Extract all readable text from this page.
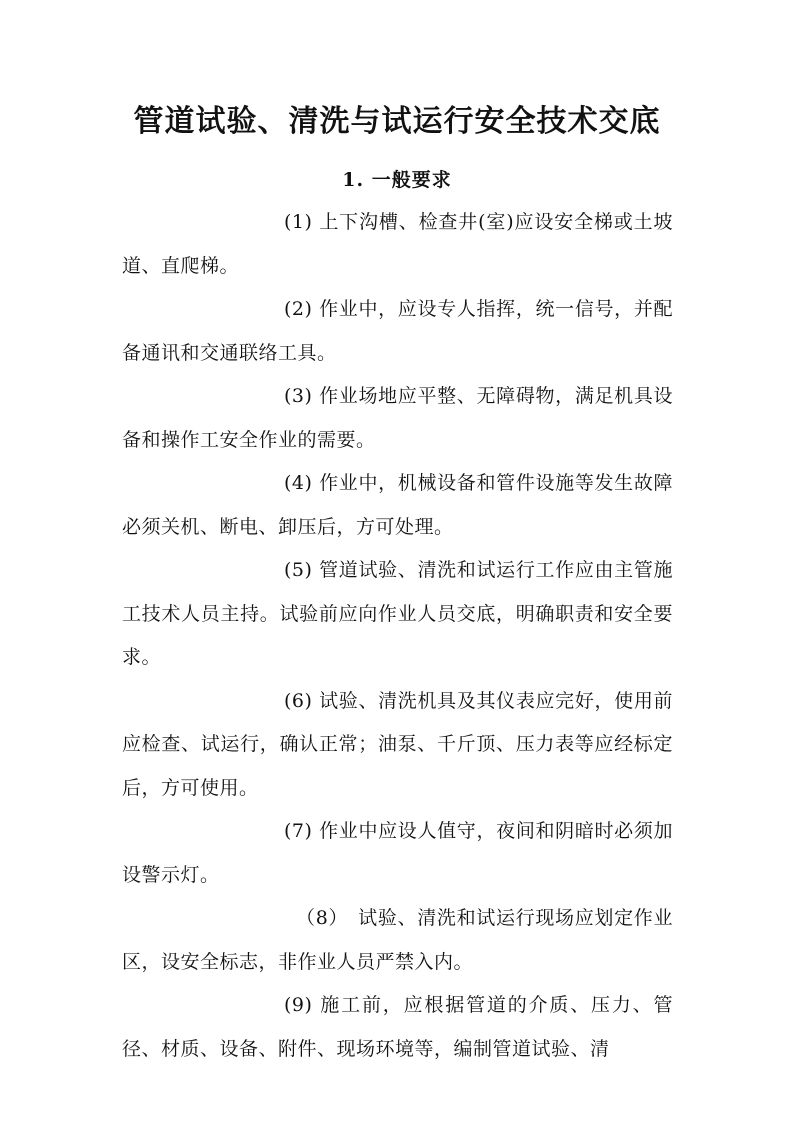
管道试验、清洗与试运行安全技术交底
1. 一般要求

(1) 上下沟槽、检查井(室)应设安全梯或土坡道、直爬梯。

(2) 作业中，应设专人指挥，统一信号，并配备通讯和交通联络工具。

(3) 作业场地应平整、无障碍物，满足机具设备和操作工安全作业的需要。

(4) 作业中，机械设备和管件设施等发生故障必须关机、断电、卸压后，方可处理。

(5) 管道试验、清洗和试运行工作应由主管施工技术人员主持。试验前应向作业人员交底，明确职责和安全要求。

(6) 试验、清洗机具及其仪表应完好，使用前应检查、试运行，确认正常；油泵、千斤顶、压力表等应经标定后，方可使用。

(7) 作业中应设人值守，夜间和阴暗时必须加设警示灯。

（8） 试验、清洗和试运行现场应划定作业区，设安全标志，非作业人员严禁入内。

(9) 施工前，应根据管道的介质、压力、管径、材质、设备、附件、现场环境等，编制管道试验、清
